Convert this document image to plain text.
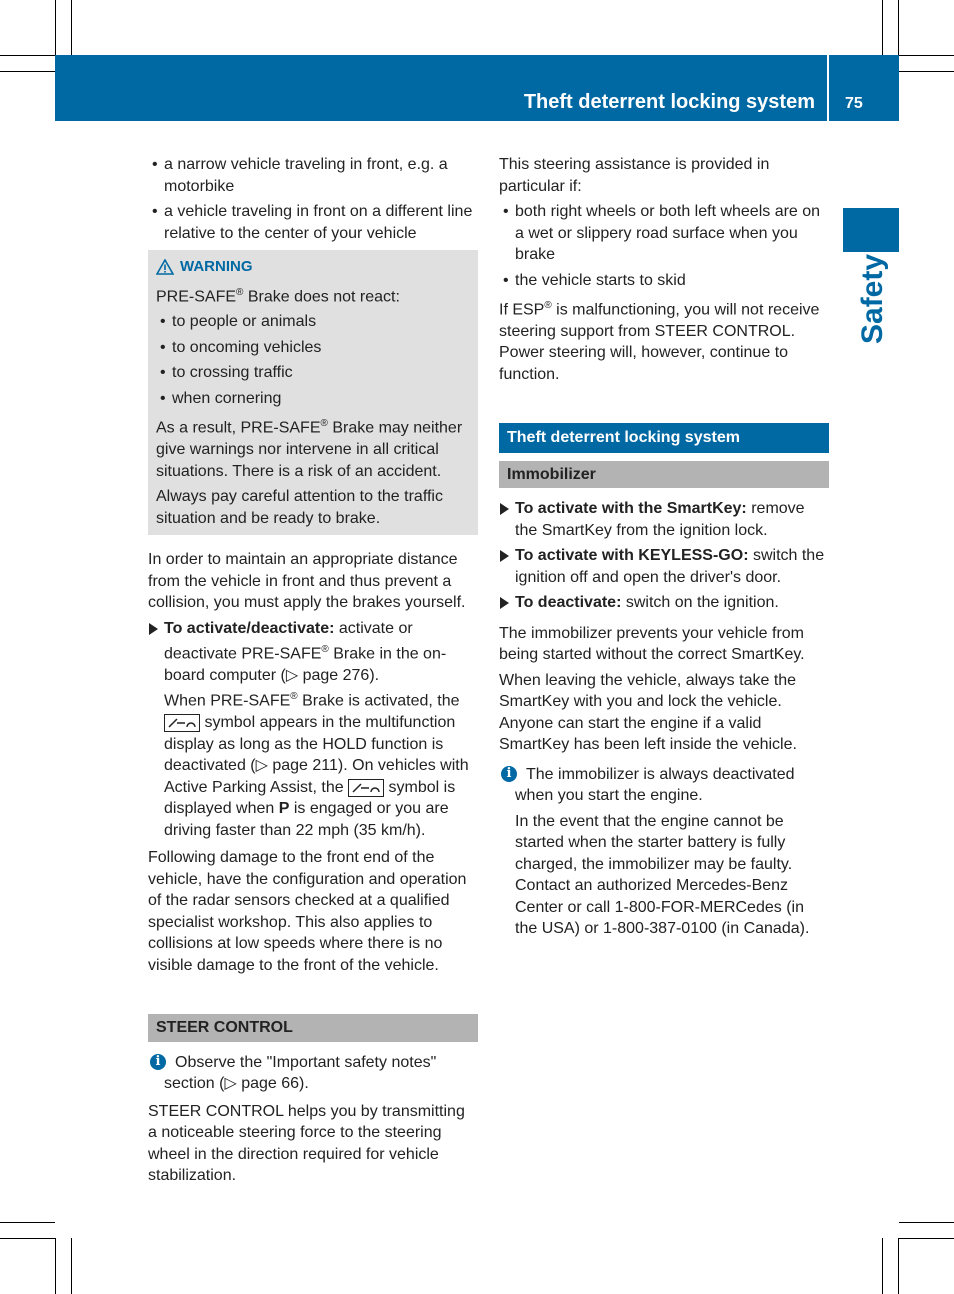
Theft deterrent locking system 75
Safety
• a narrow vehicle traveling in front, e.g. a motorbike
• a vehicle traveling in front on a different line relative to the center of your vehicle
WARNING

PRE-SAFE® Brake does not react:

• to people or animals
• to oncoming vehicles
• to crossing traffic
• when cornering

As a result, PRE-SAFE® Brake may neither give warnings nor intervene in all critical situations. There is a risk of an accident.

Always pay careful attention to the traffic situation and be ready to brake.

In order to maintain an appropriate distance from the vehicle in front and thus prevent a collision, you must apply the brakes yourself.

To activate/deactivate: activate or deactivate PRE-SAFE® Brake in the on-board computer (▷ page 276).
When PRE-SAFE® Brake is activated, the

symbol appears in the multifunction display as long as the HOLD function is deactivated (▷ page 211). On vehicles with Active Parking Assist, the	symbol is displayed when P is engaged or you are driving faster than 22 mph (35 km/h).

Following damage to the front end of the vehicle, have the configuration and operation of the radar sensors checked at a qualified specialist workshop. This also applies to collisions at low speeds where there is no visible damage to the front of the vehicle.

STEER CONTROL
i Observe the "Important safety notes" section (▷ page 66).

STEER CONTROL helps you by transmitting a noticeable steering force to the steering wheel in the direction required for vehicle stabilization.

This steering assistance is provided in particular if:

• both right wheels or both left wheels are on a wet or slippery road surface when you brake
• the vehicle starts to skid

If ESP® is malfunctioning, you will not receive steering support from STEER CONTROL. Power steering will, however, continue to function.

Theft deterrent locking system
Immobilizer
To activate with the SmartKey: remove the SmartKey from the ignition lock.
To activate with KEYLESS-GO: switch the ignition off and open the driver's door.
To deactivate: switch on the ignition.

The immobilizer prevents your vehicle from being started without the correct SmartKey.

When leaving the vehicle, always take the SmartKey with you and lock the vehicle. Anyone can start the engine if a valid SmartKey has been left inside the vehicle.

i The immobilizer is always deactivated when you start the engine.

In the event that the engine cannot be started when the starter battery is fully charged, the immobilizer may be faulty. Contact an authorized Mercedes-Benz Center or call 1-800-FOR-MERCedes (in the USA) or 1-800-387-0100 (in Canada).
